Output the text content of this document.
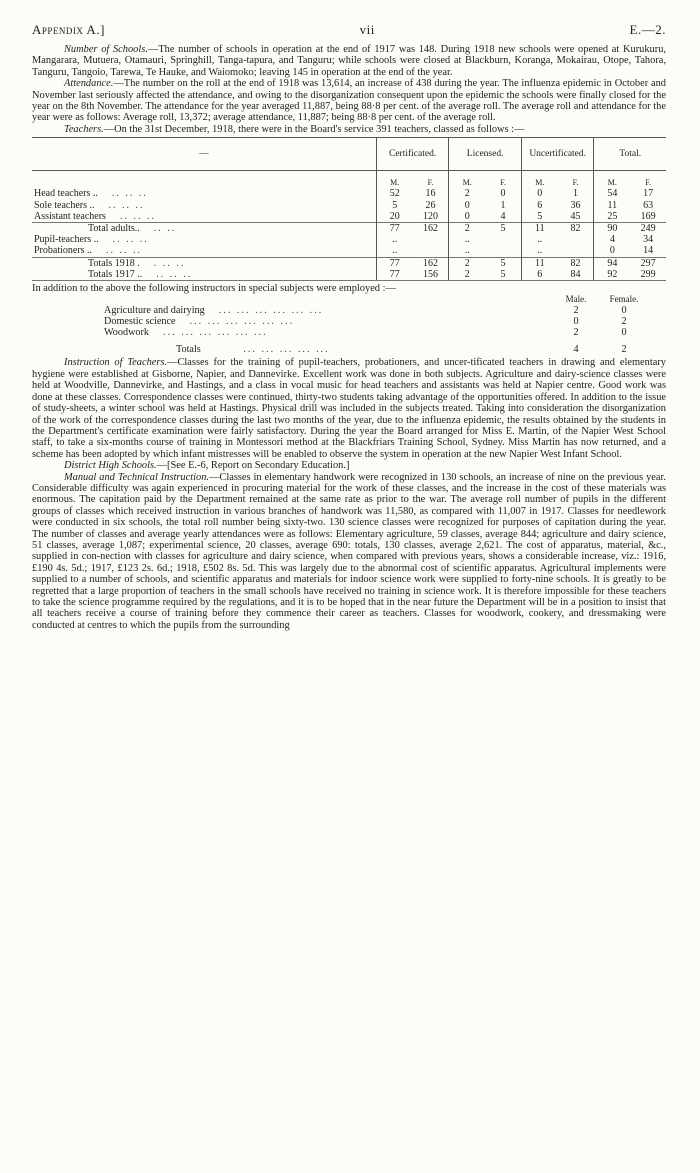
Appendix A.]	vii	E.—2.

Number of Schools.—The number of schools in operation at the end of 1917 was 148. During 1918 new schools were opened at Kurukuru, Mangarara, Mutuera, Otamauri, Springhill, Tanga-tapura, and Tanguru; while schools were closed at Blackburn, Koranga, Mokairau, Otope, Tahora, Tanguru, Tangoio, Tarewa, Te Hauke, and Waiomoko; leaving 145 in operation at the end of the year.

Attendance.—The number on the roll at the end of 1918 was 13,614, an increase of 438 during the year. The influenza epidemic in October and November last seriously affected the attendance, and owing to the disorganization consequent upon the epidemic the schools were finally closed for the year on the 8th November. The attendance for the year averaged 11,887, being 88·8 per cent. of the average roll. The average roll and attendance for the year were as follows: Average roll, 13,372; average attendance, 11,887; being 88·8 per cent. of the average roll.

Teachers.—On the 31st December, 1918, there were in the Board's service 391 teachers, classed as follows :—

—	Certificated.		Licensed.		Uncertificated.		Total.	
	M.	F.	M.	F.	M.	F.	M.	F.
Head teachers .. .. .. ..	52	16	2	0	0	1	54	17
Sole teachers .. .. .. ..	5	26	0	1	6	36	11	63
Assistant teachers .. .. ..	20	120	0	4	5	45	25	169
Total adults.. .. ..	77	162	2	5	11	82	90	249
Pupil-teachers .. .. .. ..	..		..		..		4	34
Probationers .. .. .. ..	..		..		..		0	14
Totals 1918 . . .. ..	77	162	2	5	11	82	94	297
Totals 1917 .. .. .. ..	77	156	2	5	6	84	92	299

In addition to the above the following instructors in special subjects were employed :—

	Male.	Female.
Agriculture and dairying ... ... ... ... ... ...	2	0
Domestic science ... ... ... ... ... ...	0	2
Woodwork ... ... ... ... ... ...	2	0
Totals ... ... ... ... ...	4	2

Instruction of Teachers.—Classes for the training of pupil-teachers, probationers, and uncer-tificated teachers in drawing and elementary hygiene were established at Gisborne, Napier, and Dannevirke. Excellent work was done in both subjects. Agriculture and dairy-science classes were held at Woodville, Dannevirke, and Hastings, and a class in vocal music for head teachers and assistants was held at Napier centre. Good work was done at these classes. Correspondence classes were continued, thirty-two students taking advantage of the opportunities offered. In addition to the issue of study-sheets, a winter school was held at Hastings. Physical drill was included in the subjects treated. Taking into consideration the disorganization of the work of the correspondence classes during the last two months of the year, due to the influenza epidemic, the results obtained by the students in the Department's certificate examination were fairly satisfactory. During the year the Board arranged for Miss E. Martin, of the Napier West School staff, to take a six-months course of training in Montessori method at the Blackfriars Training School, Sydney. Miss Martin has now returned, and a scheme has been adopted by which infant mistresses will be enabled to observe the system in operation at the new Napier West Infant School.

District High Schools.—[See E.-6, Report on Secondary Education.]

Manual and Technical Instruction.—Classes in elementary handwork were recognized in 130 schools, an increase of nine on the previous year. Considerable difficulty was again experienced in procuring material for the work of these classes, and the increase in the cost of these materials was enormous. The capitation paid by the Department remained at the same rate as prior to the war. The average roll number of pupils in the different groups of classes which received instruction in various branches of handwork was 11,580, as compared with 11,007 in 1917. Classes for needlework were conducted in six schools, the total roll number being sixty-two. 130 science classes were recognized for purposes of capitation during the year. The number of classes and average yearly attendances were as follows: Elementary agriculture, 59 classes, average 844; agriculture and dairy science, 51 classes, average 1,087; experimental science, 20 classes, average 690: totals, 130 classes, average 2,621. The cost of apparatus, material, &c., supplied in con-nection with classes for agriculture and dairy science, when compared with previous years, shows a considerable increase, viz.: 1916, £190 4s. 5d.; 1917, £123 2s. 6d.; 1918, £502 8s. 5d. This was largely due to the abnormal cost of scientific apparatus. Agricultural implements were supplied to a number of schools, and scientific apparatus and materials for indoor science work were supplied to forty-nine schools. It is greatly to be regretted that a large proportion of teachers in the small schools have received no training in science work. It is therefore impossible for these teachers to take the science programme required by the regulations, and it is to be hoped that in the near future the Department will be in a position to insist that all teachers receive a course of training before they commence their career as teachers. Classes for woodwork, cookery, and dressmaking were conducted at centres to which the pupils from the surrounding
